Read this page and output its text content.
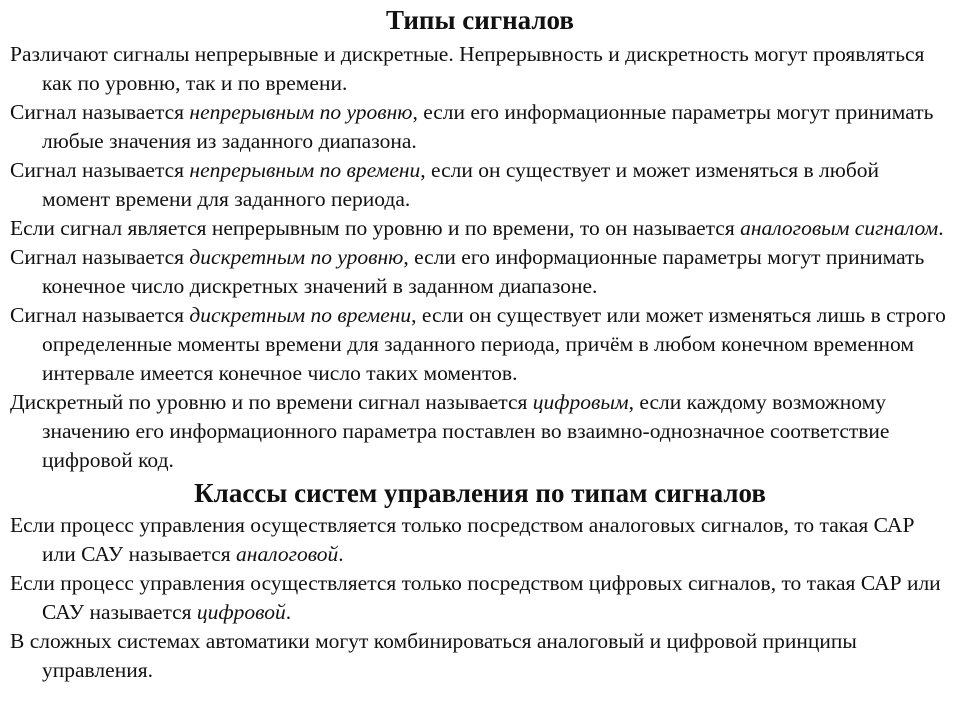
Типы сигналов

Различают сигналы непрерывные и дискретные. Непрерывность и дискретность могут проявляться как по уровню, так и по времени.

Сигнал называется непрерывным по уровню, если его информационные параметры могут принимать любые значения из заданного диапазона.

Сигнал называется непрерывным по времени, если он существует и может изменяться в любой момент времени для заданного периода.

Если сигнал является непрерывным по уровню и по времени, то он называется аналоговым сигналом.

Сигнал называется дискретным по уровню, если его информационные параметры могут принимать конечное число дискретных значений в заданном диапазоне.

Сигнал называется дискретным по времени, если он существует или может изменяться лишь в строго определенные моменты времени для заданного периода, причём в любом конечном временном интервале имеется конечное число таких моментов.

Дискретный по уровню и по времени сигнал называется цифровым, если каждому возможному значению его информационного параметра поставлен во взаимно-однозначное соответствие цифровой код.

Классы систем управления по типам сигналов

Если процесс управления осуществляется только посредством аналоговых сигналов, то такая САР или САУ называется аналоговой.

Если процесс управления осуществляется только посредством цифровых сигналов, то такая САР или САУ называется цифровой.

В сложных системах автоматики могут комбинироваться аналоговый и цифровой принципы управления.
